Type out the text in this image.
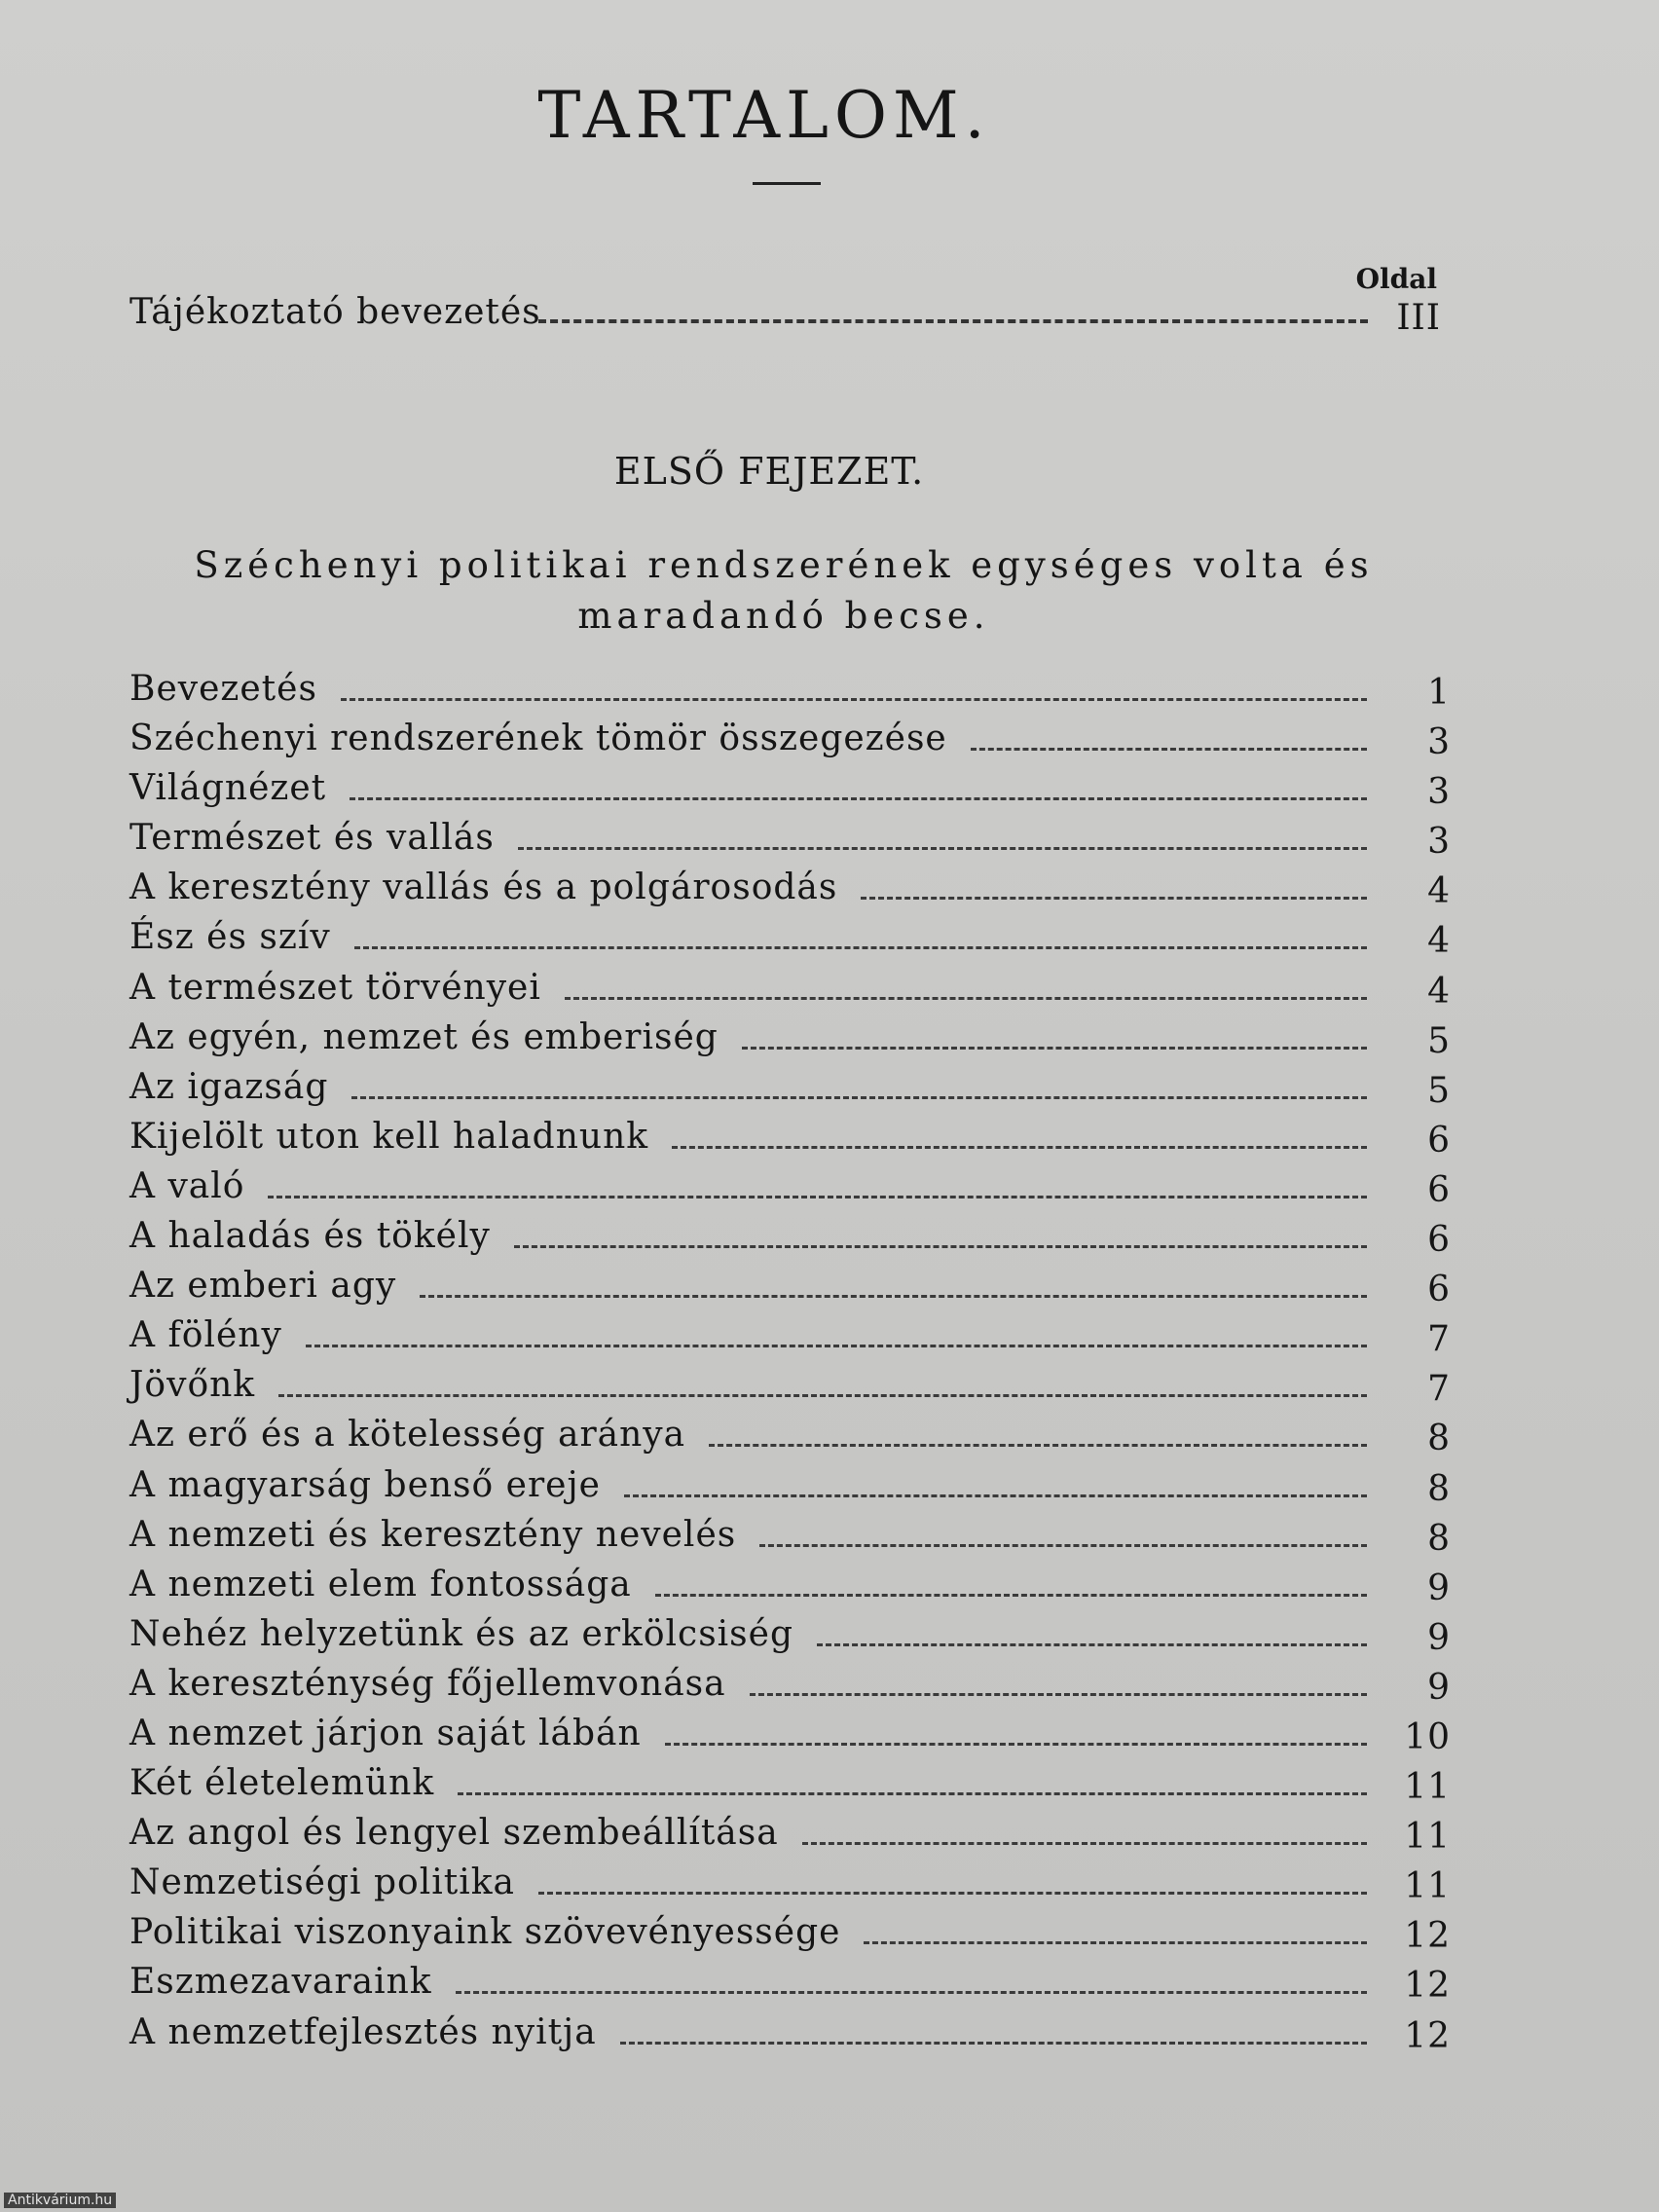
TARTALOM.
Oldal
Tájékoztató bevezetés	III
ELSŐ FEJEZET.
Széchenyi politikai rendszerének egységes volta és
maradandó becse.
Bevezetés	1
Széchenyi rendszerének tömör összegezése	3
Világnézet	3
Természet és vallás	3
A keresztény vallás és a polgárosodás	4
Ész és szív	4
A természet törvényei	4
Az egyén, nemzet és emberiség	5
Az igazság	5
Kijelölt uton kell haladnunk	6
A való	6
A haladás és tökély	6
Az emberi agy	6
A fölény	7
Jövőnk	7
Az erő és a kötelesség aránya	8
A magyarság benső ereje	8
A nemzeti és keresztény nevelés	8
A nemzeti elem fontossága	9
Nehéz helyzetünk és az erkölcsiség	9
A kereszténység főjellemvonása	9
A nemzet járjon saját lábán	10
Két életelemünk	11
Az angol és lengyel szembeállítása	11
Nemzetiségi politika	11
Politikai viszonyaink szövevényessége	12
Eszmezavaraink	12
A nemzetfejlesztés nyitja	12
Antikvárium.hu
